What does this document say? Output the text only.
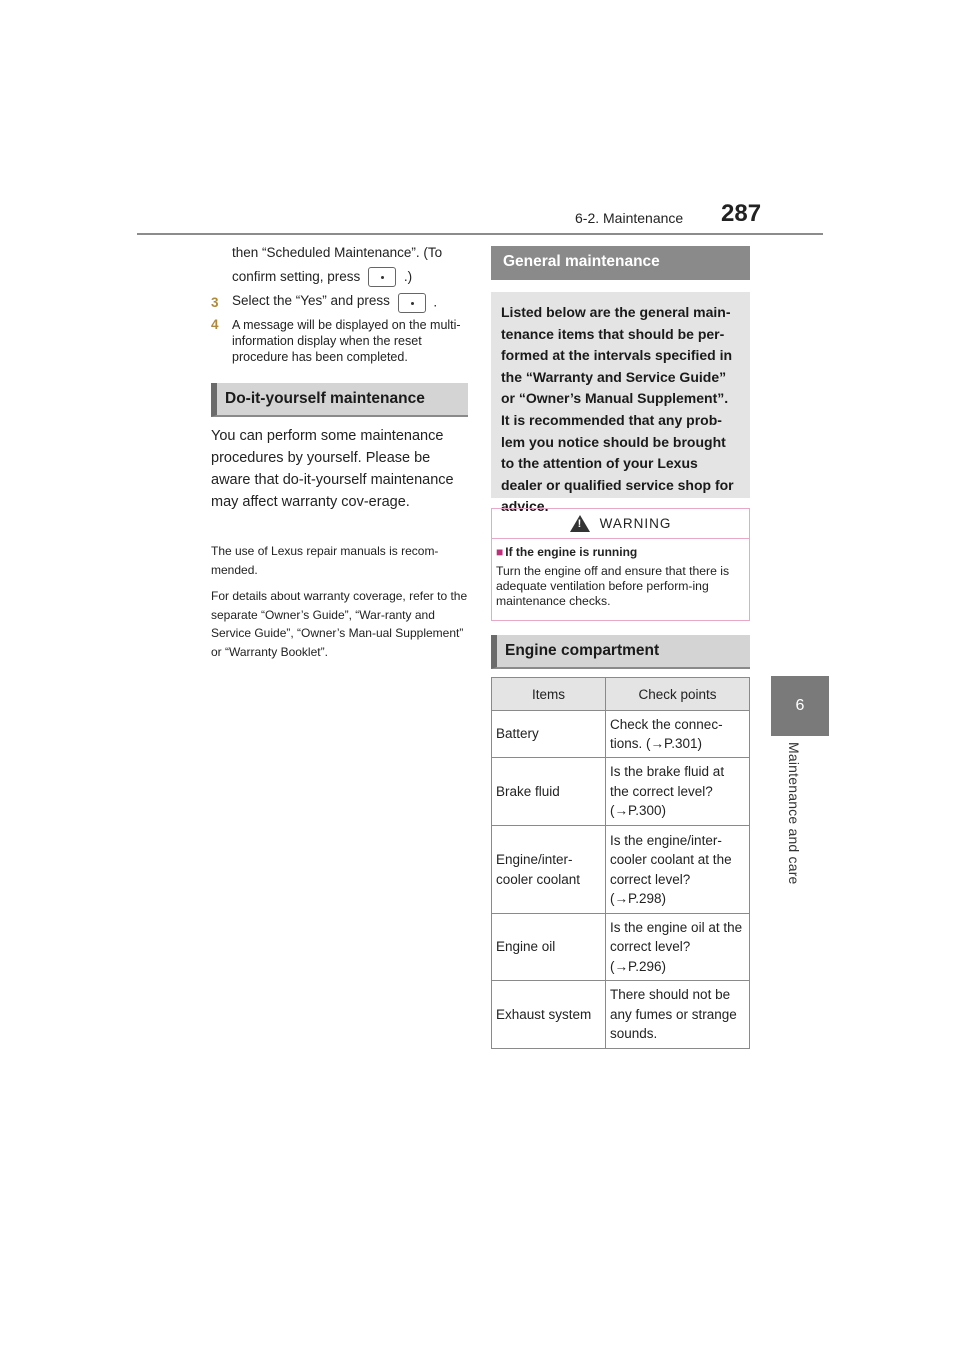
6-2. Maintenance 287
6
Maintenance and care
then “Scheduled Maintenance”. (To
confirm setting, press	.)
3 Select the “Yes” and press	.
4 A message will be displayed on the multi-information display when the reset procedure has been completed.
Do-it-yourself maintenance
You can perform some maintenance procedures by yourself. Please be aware that do-it-yourself maintenance may affect warranty cov-erage.
The use of Lexus repair manuals is recom-mended.
For details about warranty coverage, refer to the separate “Owner’s Guide”, “War-ranty and Service Guide”, “Owner’s Man-ual Supplement” or “Warranty Booklet”.
General maintenance
Listed below are the general main-tenance items that should be per-formed at the intervals specified in the “Warranty and Service Guide” or “Owner’s Manual Supplement”. It is recommended that any prob-lem you notice should be brought to the attention of your Lexus dealer or qualified service shop for advice.
!
WARNING
■ If the engine is running
Turn the engine off and ensure that there is adequate ventilation before perform-ing maintenance checks.
Engine compartment
Items	Check points
Battery	Check the connec-tions. (→P.301)
Brake fluid	Is the brake fluid at the correct level? (→P.300)
Engine/inter-cooler coolant	Is the engine/inter-cooler coolant at the correct level? (→P.298)
Engine oil	Is the engine oil at the correct level? (→P.296)
Exhaust system	There should not be any fumes or strange sounds.
